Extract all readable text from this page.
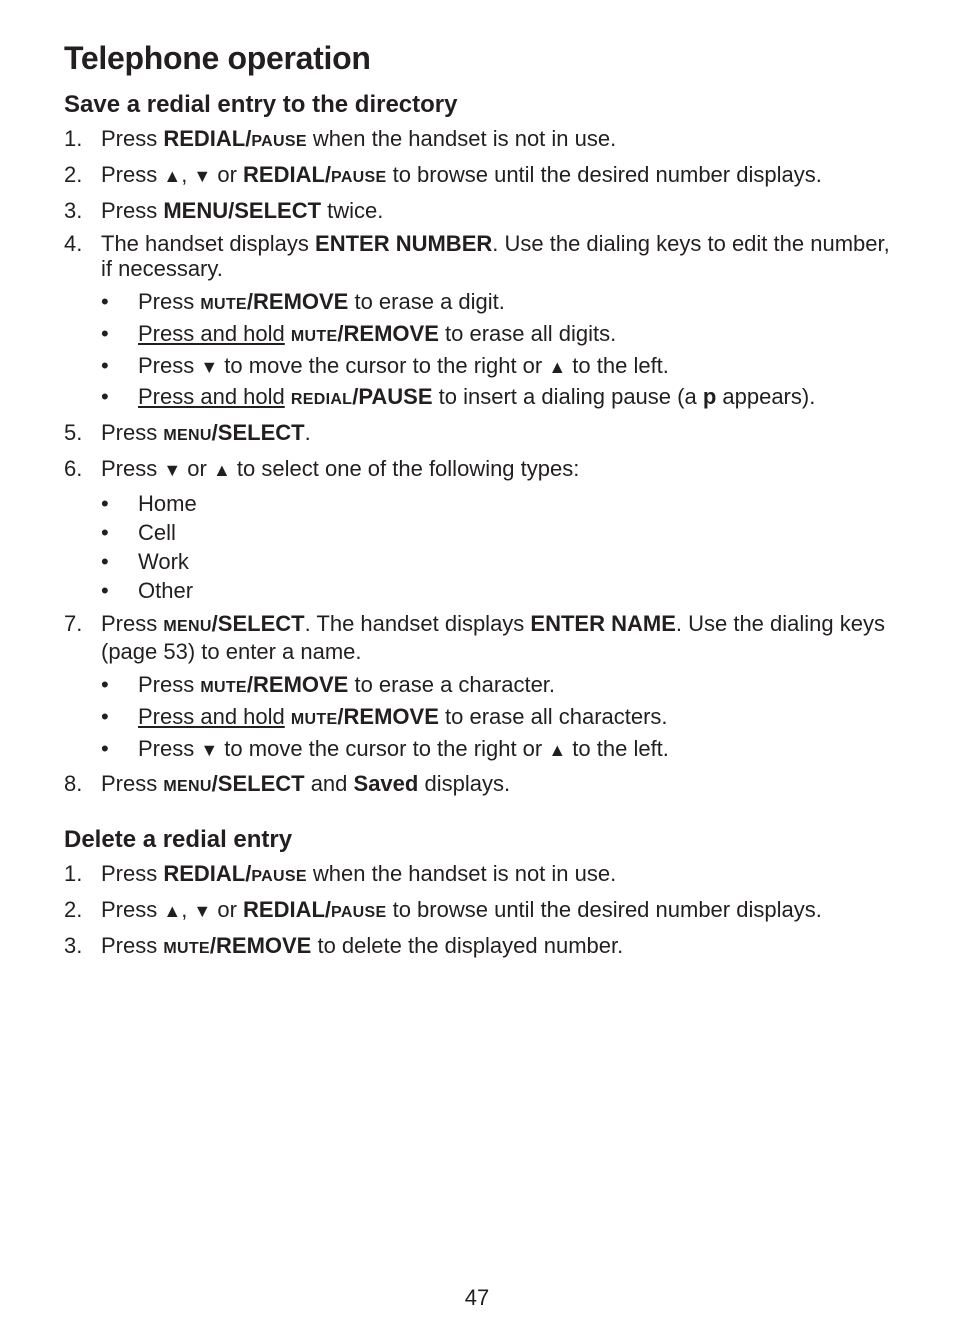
Telephone operation
Save a redial entry to the directory
1. Press REDIAL/PAUSE when the handset is not in use.
2. Press ▲, ▼ or REDIAL/PAUSE to browse until the desired number displays.
3. Press MENU/SELECT twice.
4. The handset displays ENTER NUMBER. Use the dialing keys to edit the number, if necessary.
• Press MUTE/REMOVE to erase a digit.
• Press and hold MUTE/REMOVE to erase all digits.
• Press ▼ to move the cursor to the right or ▲ to the left.
• Press and hold REDIAL/PAUSE to insert a dialing pause (a p appears).
5. Press MENU/SELECT.
6. Press ▼ or ▲ to select one of the following types:
• Home
• Cell
• Work
• Other
7. Press MENU/SELECT. The handset displays ENTER NAME. Use the dialing keys (page 53) to enter a name.
• Press MUTE/REMOVE to erase a character.
• Press and hold MUTE/REMOVE to erase all characters.
• Press ▼ to move the cursor to the right or ▲ to the left.
8. Press MENU/SELECT and Saved displays.
Delete a redial entry
1. Press REDIAL/PAUSE when the handset is not in use.
2. Press ▲, ▼ or REDIAL/PAUSE to browse until the desired number displays.
3. Press MUTE/REMOVE to delete the displayed number.
47
